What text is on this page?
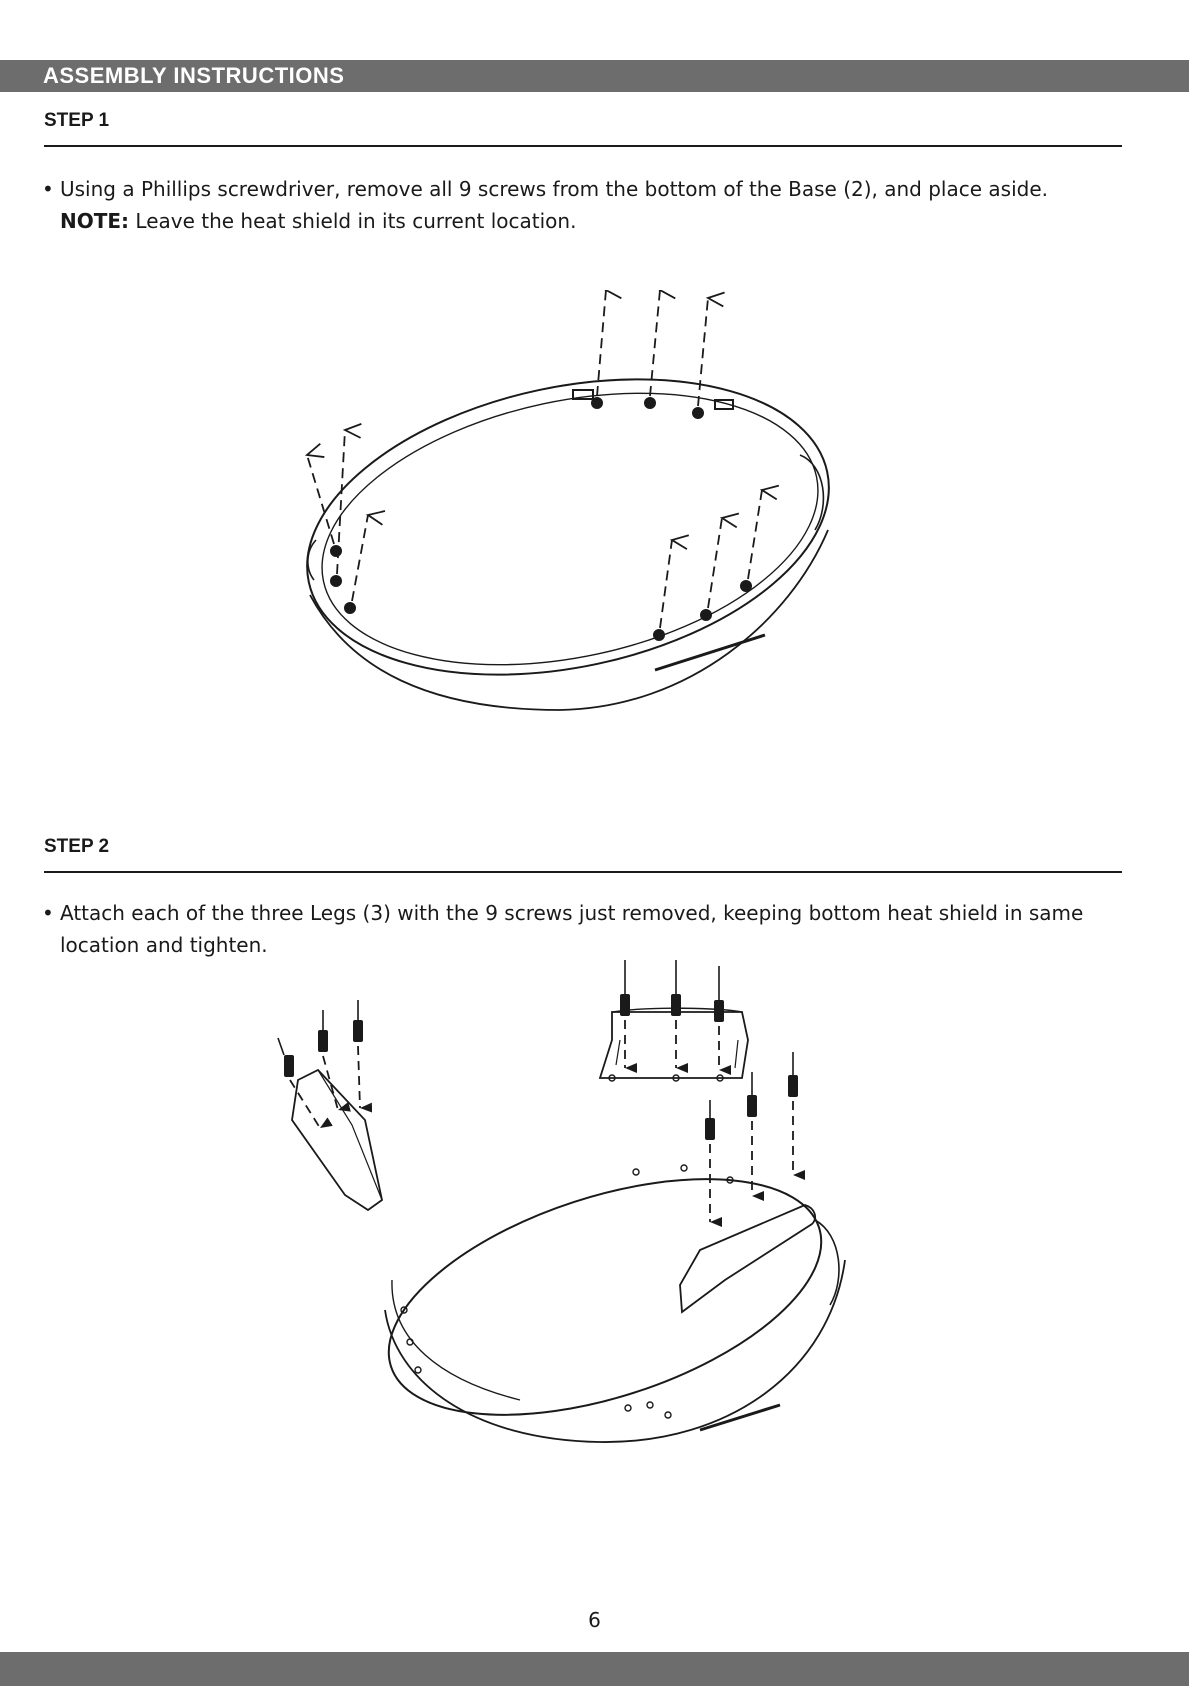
ASSEMBLY INSTRUCTIONS
STEP 1
• Using a Phillips screwdriver, remove all 9 screws from the bottom of the Base (2), and place aside.
NOTE: Leave the heat shield in its current location.
STEP 2
• Attach each of the three Legs (3) with the 9 screws just removed, keeping bottom heat shield in same
location and tighten.
6
